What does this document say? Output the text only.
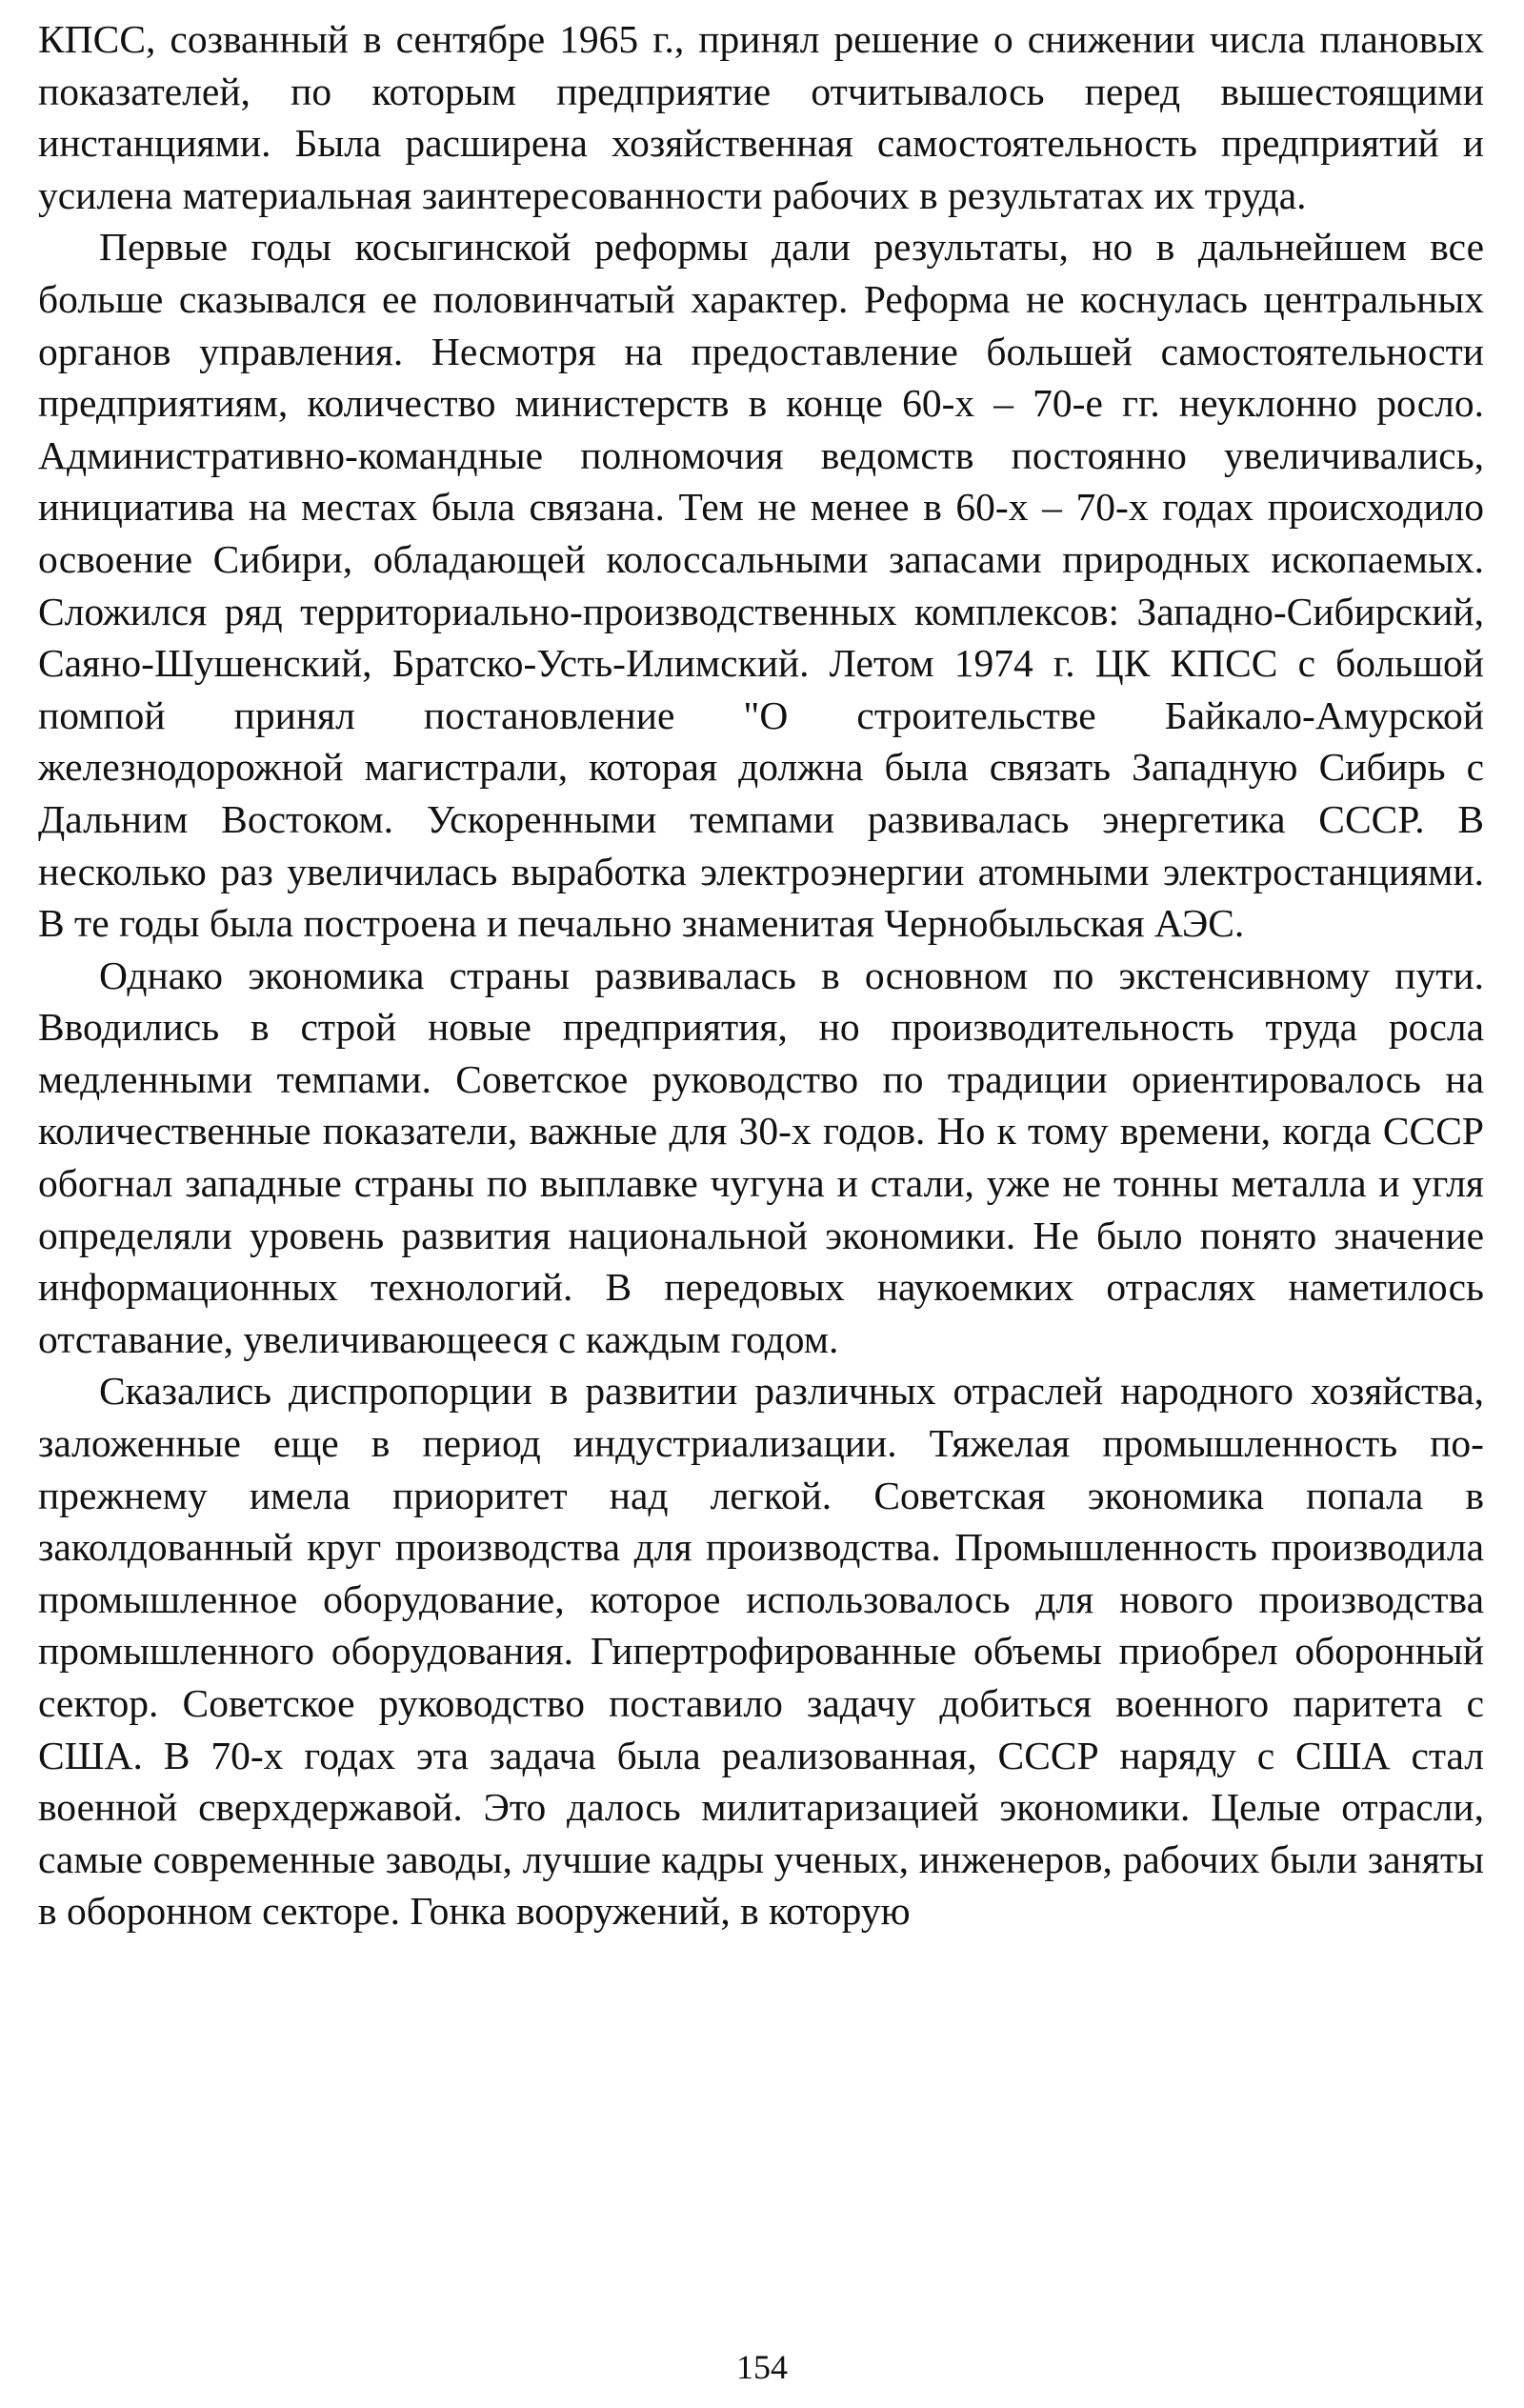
КПСС, созванный в сентябре 1965 г., принял решение о снижении числа плановых показателей, по которым предприятие отчитывалось перед вышестоящими инстанциями. Была расширена хозяйственная самостоятельность предприятий и усилена материальная заинтересованности рабочих в результатах их труда.

Первые годы косыгинской реформы дали результаты, но в дальнейшем все больше сказывался ее половинчатый характер. Реформа не коснулась центральных органов управления. Несмотря на предоставление большей самостоятельности предприятиям, количество министерств в конце 60-х – 70-е гг. неуклонно росло. Административно-командные полномочия ведомств постоянно увеличивались, инициатива на местах была связана. Тем не менее в 60-х – 70-х годах происходило освоение Сибири, обладающей колоссальными запасами природных ископаемых. Сложился ряд территориально-производственных комплексов: Западно-Сибирский, Саяно-Шушенский, Братско-Усть-Илимский. Летом 1974 г. ЦК КПСС с большой помпой принял постановление "О строительстве Байкало-Амурской железнодорожной магистрали, которая должна была связать Западную Сибирь с Дальним Востоком. Ускоренными темпами развивалась энергетика СССР. В несколько раз увеличилась выработка электроэнергии атомными электростанциями. В те годы была построена и печально знаменитая Чернобыльская АЭС.

Однако экономика страны развивалась в основном по экстенсивному пути. Вводились в строй новые предприятия, но производительность труда росла медленными темпами. Советское руководство по традиции ориентировалось на количественные показатели, важные для 30-х годов. Но к тому времени, когда СССР обогнал западные страны по выплавке чугуна и стали, уже не тонны металла и угля определяли уровень развития национальной экономики. Не было понято значение информационных технологий. В передовых наукоемких отраслях наметилось отставание, увеличивающееся с каждым годом.

Сказались диспропорции в развитии различных отраслей народного хозяйства, заложенные еще в период индустриализации. Тяжелая промышленность по-прежнему имела приоритет над легкой. Советская экономика попала в заколдованный круг производства для производства. Промышленность производила промышленное оборудование, которое использовалось для нового производства промышленного оборудования. Гипертрофированные объемы приобрел оборонный сектор. Советское руководство поставило задачу добиться военного паритета с США. В 70-х годах эта задача была реализованная, СССР наряду с США стал военной сверхдержавой. Это далось милитаризацией экономики. Целые отрасли, самые современные заводы, лучшие кадры ученых, инженеров, рабочих были заняты в оборонном секторе. Гонка вооружений, в которую

154
